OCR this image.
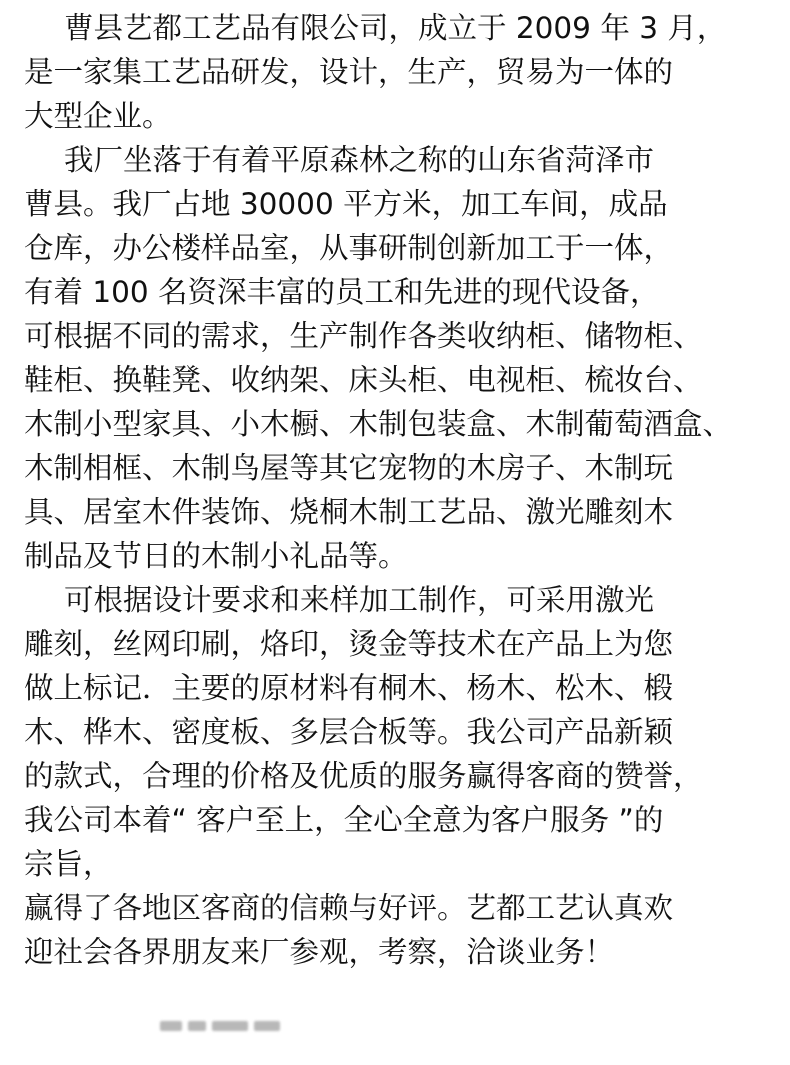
曹县艺都工艺品有限公司，成立于 2009 年 3 月，
是一家集工艺品研发，设计，生产，贸易为一体的
大型企业。
我厂坐落于有着平原森林之称的山东省菏泽市
曹县。我厂占地 30000 平方米，加工车间，成品
仓库，办公楼样品室，从事研制创新加工于一体，
有着 100 名资深丰富的员工和先进的现代设备，
可根据不同的需求，生产制作各类收纳柜、储物柜、
鞋柜、换鞋凳、收纳架、床头柜、电视柜、梳妆台、
木制小型家具、小木橱、木制包装盒、木制葡萄酒盒、
木制相框、木制鸟屋等其它宠物的木房子、木制玩
具、居室木件装饰、烧桐木制工艺品、激光雕刻木
制品及节日的木制小礼品等。
可根据设计要求和来样加工制作，可采用激光
雕刻，丝网印刷，烙印，烫金等技术在产品上为您
做上标记．主要的原材料有桐木、杨木、松木、椴
木、桦木、密度板、多层合板等。我公司产品新颖
的款式，合理的价格及优质的服务赢得客商的赞誉，
我公司本着“ 客户至上，全心全意为客户服务 ”的
宗旨，
赢得了各地区客商的信赖与好评。艺都工艺认真欢
迎社会各界朋友来厂参观，考察，洽谈业务！
